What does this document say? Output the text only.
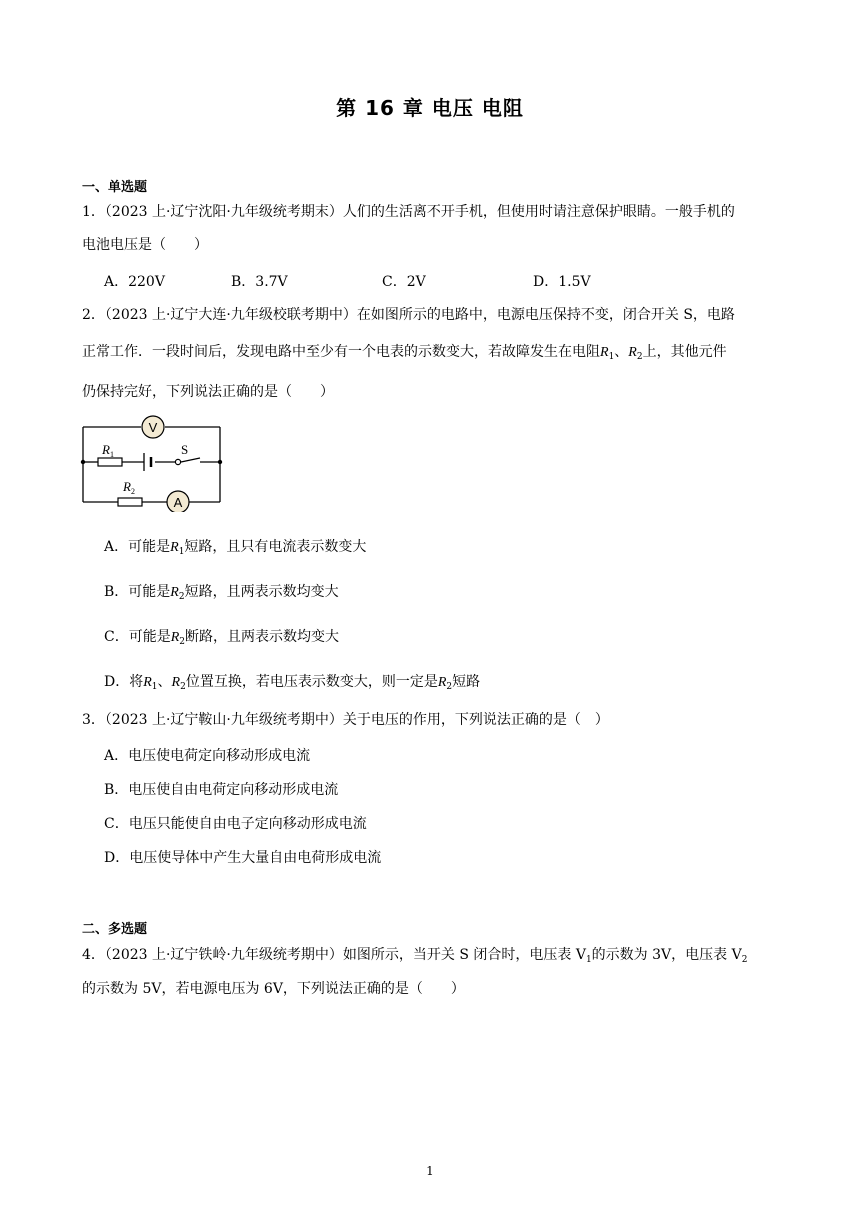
第 16 章 电压 电阻
一、单选题
1．（2023 上·辽宁沈阳·九年级统考期末）人们的生活离不开手机，但使用时请注意保护眼睛。一般手机的
电池电压是（　　）
A．220V	B．3.7V	C．2V	D．1.5V
2．（2023 上·辽宁大连·九年级校联考期中）在如图所示的电路中，电源电压保持不变，闭合开关 S，电路
正常工作．一段时间后，发现电路中至少有一个电表的示数变大，若故障发生在电阻$R_1$、$R_2$上，其他元件
仍保持完好，下列说法正确的是（　　）
$R_1$
$R_2$
S
V
A
A．可能是$R_1$短路，且只有电流表示数变大
B．可能是$R_2$短路，且两表示数均变大
C．可能是$R_2$断路，且两表示数均变大
D．将$R_1$、$R_2$位置互换，若电压表示数变大，则一定是$R_2$短路
3．（2023 上·辽宁鞍山·九年级统考期中）关于电压的作用，下列说法正确的是（　）
A．电压使电荷定向移动形成电流
B．电压使自由电荷定向移动形成电流
C．电压只能使自由电子定向移动形成电流
D．电压使导体中产生大量自由电荷形成电流
二、多选题
4．（2023 上·辽宁铁岭·九年级统考期中）如图所示，当开关 S 闭合时，电压表 $V_1$的示数为 3V，电压表 $V_2$
的示数为 5V，若电源电压为 6V，下列说法正确的是（　　）
1
